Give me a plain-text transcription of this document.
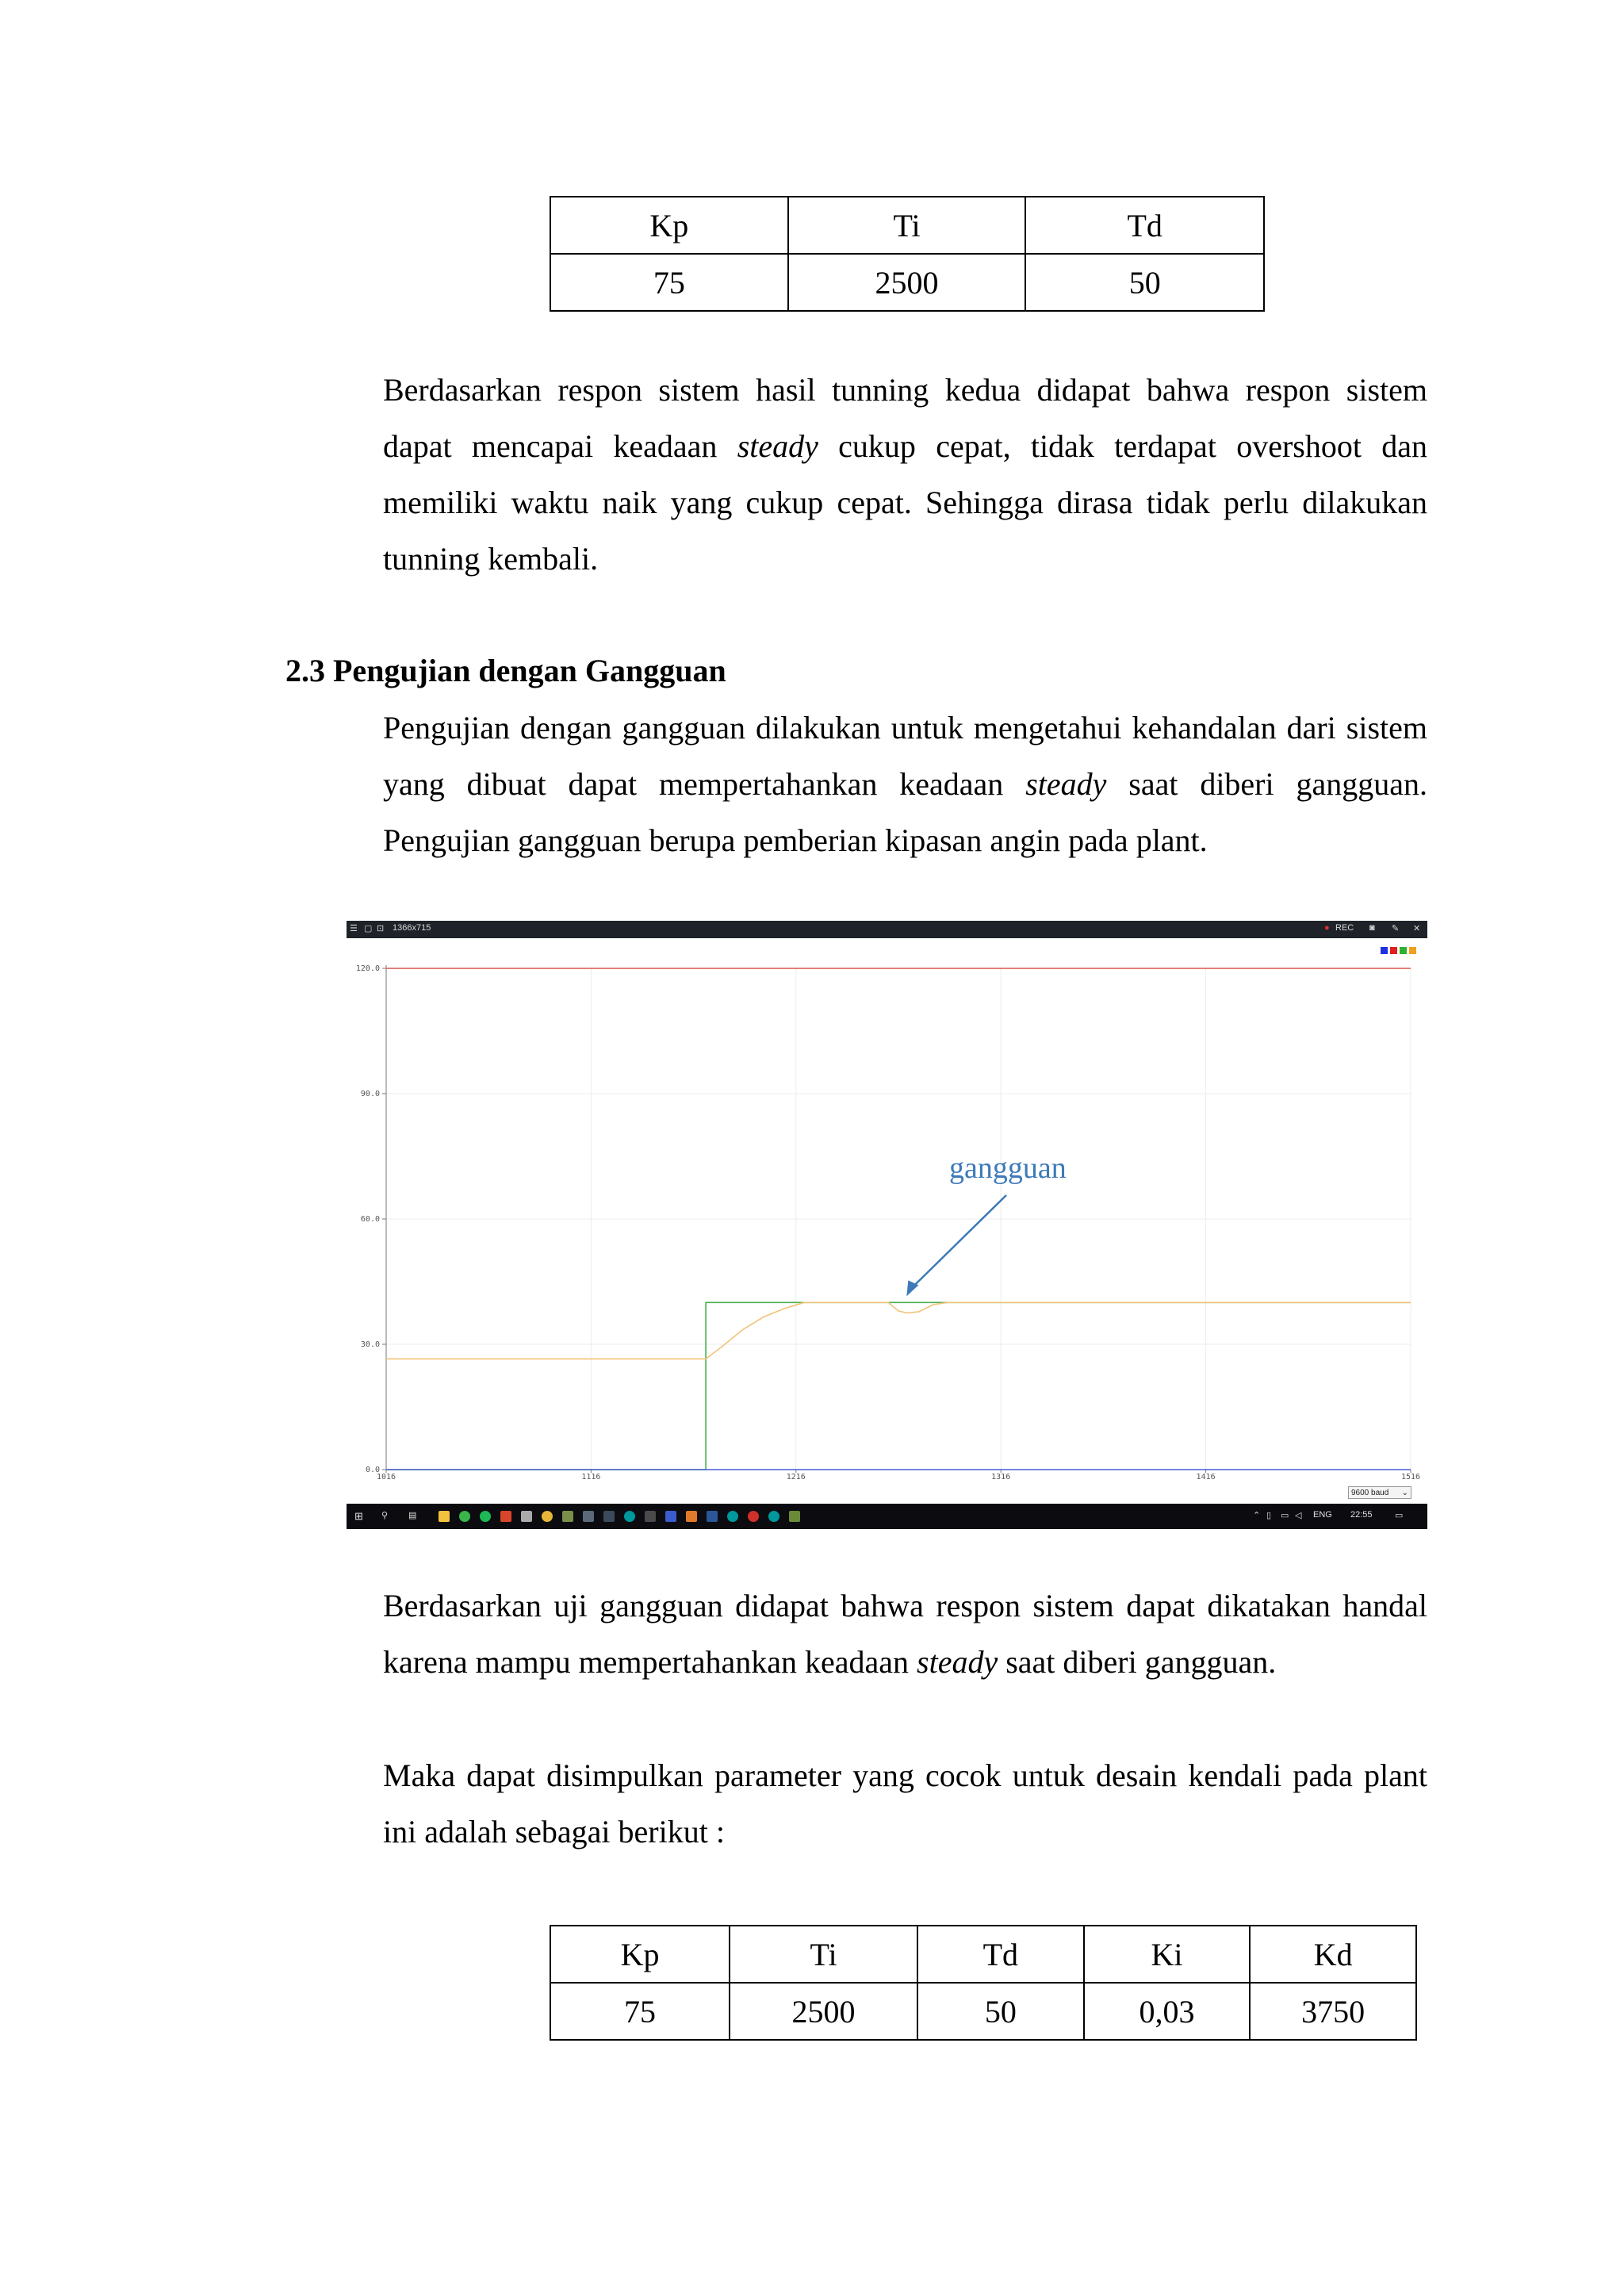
Kp	Ti	Td
75	2500	50

Berdasarkan respon sistem hasil tunning kedua didapat bahwa respon sistem dapat mencapai keadaan steady cukup cepat, tidak terdapat overshoot dan memiliki waktu naik yang cukup cepat. Sehingga dirasa tidak perlu dilakukan tunning kembali.

2.3 Pengujian dengan Gangguan

Pengujian dengan gangguan dilakukan untuk mengetahui kehandalan dari sistem yang dibuat dapat mempertahankan keadaan steady saat diberi gangguan. Pengujian gangguan berupa pemberian kipasan angin pada plant.

☰ ▢ ⊡ 1366x715	● REC ◙ ✎ ✕
1016	1116	1216	1316	1416	1516
0.0
30.0
60.0
90.0
120.0
gangguan
9600 baud ⌄
⊞ ⚲ ▤	⌃ ▯ ▭ ◁ ENG 22:55	▭

Berdasarkan uji gangguan didapat bahwa respon sistem dapat dikatakan handal karena mampu mempertahankan keadaan steady saat diberi gangguan.

Maka dapat disimpulkan parameter yang cocok untuk desain kendali pada plant ini adalah sebagai berikut :

Kp	Ti	Td	Ki	Kd
75	2500	50	0,03	3750
